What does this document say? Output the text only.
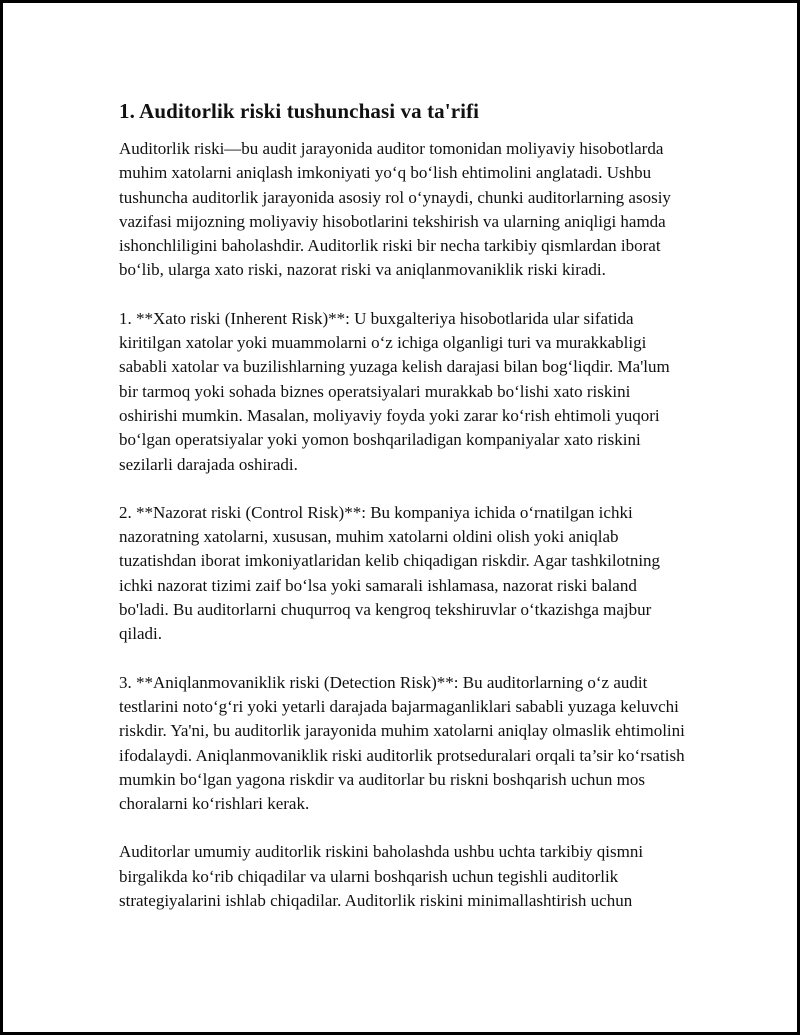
1. Auditorlik riski tushunchasi va ta'rifi

Auditorlik riski—bu audit jarayonida auditor tomonidan moliyaviy hisobotlarda muhim xatolarni aniqlash imkoniyati yo‘q bo‘lish ehtimolini anglatadi. Ushbu tushuncha auditorlik jarayonida asosiy rol o‘ynaydi, chunki auditorlarning asosiy vazifasi mijozning moliyaviy hisobotlarini tekshirish va ularning aniqligi hamda ishonchliligini baholashdir. Auditorlik riski bir necha tarkibiy qismlardan iborat bo‘lib, ularga xato riski, nazorat riski va aniqlanmovaniklik riski kiradi.

1. **Xato riski (Inherent Risk)**: U buxgalteriya hisobotlarida ular sifatida kiritilgan xatolar yoki muammolarni o‘z ichiga olganligi turi va murakkabligi sababli xatolar va buzilishlarning yuzaga kelish darajasi bilan bog‘liqdir. Ma'lum bir tarmoq yoki sohada biznes operatsiyalari murakkab bo‘lishi xato riskini oshirishi mumkin. Masalan, moliyaviy foyda yoki zarar ko‘rish ehtimoli yuqori bo‘lgan operatsiyalar yoki yomon boshqariladigan kompaniyalar xato riskini sezilarli darajada oshiradi.

2. **Nazorat riski (Control Risk)**: Bu kompaniya ichida o‘rnatilgan ichki nazoratning xatolarni, xususan, muhim xatolarni oldini olish yoki aniqlab tuzatishdan iborat imkoniyatlaridan kelib chiqadigan riskdir. Agar tashkilotning ichki nazorat tizimi zaif bo‘lsa yoki samarali ishlamasa, nazorat riski baland bo'ladi. Bu auditorlarni chuqurroq va kengroq tekshiruvlar o‘tkazishga majbur qiladi.

3. **Aniqlanmovaniklik riski (Detection Risk)**: Bu auditorlarning o‘z audit testlarini noto‘g‘ri yoki yetarli darajada bajarmaganliklari sababli yuzaga keluvchi riskdir. Ya'ni, bu auditorlik jarayonida muhim xatolarni aniqlay olmaslik ehtimolini ifodalaydi. Aniqlanmovaniklik riski auditorlik protseduralari orqali ta’sir ko‘rsatish mumkin bo‘lgan yagona riskdir va auditorlar bu riskni boshqarish uchun mos choralarni ko‘rishlari kerak.

Auditorlar umumiy auditorlik riskini baholashda ushbu uchta tarkibiy qismni birgalikda ko‘rib chiqadilar va ularni boshqarish uchun tegishli auditorlik strategiyalarini ishlab chiqadilar. Auditorlik riskini minimallashtirish uchun
